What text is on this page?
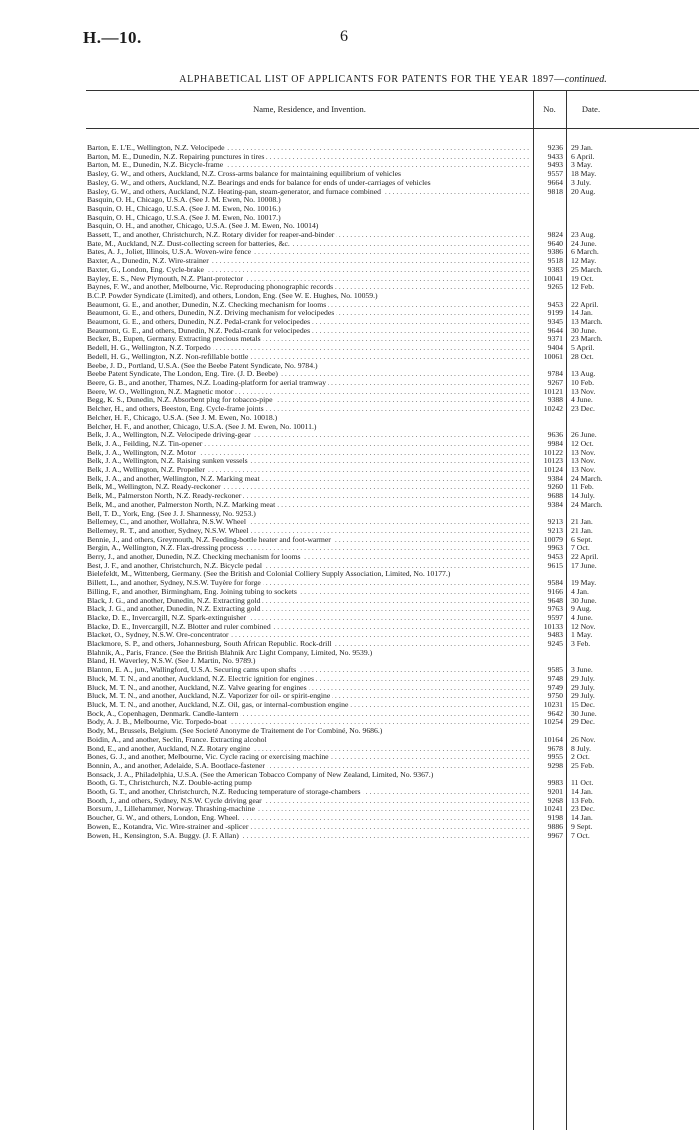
H.—10.	6
ALPHABETICAL LIST OF APPLICANTS FOR PATENTS FOR THE YEAR 1897—continued.
Name, Residence, and Invention.	No.	Date.
Barton, E. L'E., Wellington, N.Z. Velocipede . . .	9236	29 Jan.
Barton, M. E., Dunedin, N.Z. Repairing punctures in tires . . .	9433	6 April.
Barton, M. E., Dunedin, N.Z. Bicycle-frame . . .	9493	3 May.
Basley, G. W., and others, Auckland, N.Z. Cross-arms balance for maintaining equilibrium of vehicles	9557	18 May.
Basley, G. W., and others, Auckland, N.Z. Bearings and ends for balance for ends of under-carriages of vehicles	9664	3 July.
Basley, G. W., and others, Auckland, N.Z. Heating-pan, steam-generator, and furnace combined . . .	9818	20 Aug.
Basquin, O. H., Chicago, U.S.A. (See J. M. Ewen, No. 10008.)
Basquin, O. H., Chicago, U.S.A. (See J. M. Ewen, No. 10016.)
Basquin, O. H., Chicago, U.S.A. (See J. M. Ewen, No. 10017.)
Basquin, O. H., and another, Chicago, U.S.A. (See J. M. Ewen, No. 10014)
Bassett, T., and another, Christchurch, N.Z. Rotary divider for reaper-and-binder . . .	9824	23 Aug.
Bate, M., Auckland, N.Z. Dust-collecting screen for batteries, &c. . . .	9640	24 June.
Bates, A. J., Joliet, Illinois, U.S.A. Woven-wire fence . . .	9386	6 March.
Baxter, A., Dunedin, N.Z. Wire-strainer . . .	9518	12 May.
Baxter, G., London, Eng. Cycle-brake . . .	9383	25 March.
Bayley, E. S., New Plymouth, N.Z. Plant-protector . . .	10041	19 Oct.
Baynes, F. W., and another, Melbourne, Vic. Reproducing phonographic records . . .	9265	12 Feb.
B.C.P. Powder Syndicate (Limited), and others, London, Eng. (See W. E. Hughes, No. 10059.)
Beaumont, G. E., and another, Dunedin, N.Z. Checking mechanism for looms . . .	9453	22 April.
Beaumont, G. E., and others, Dunedin, N.Z. Driving mechanism for velocipedes . . .	9199	14 Jan.
Beaumont, G. E., and others, Dunedin, N.Z. Pedal-crank for velocipedes . . .	9345	13 March.
Beaumont, G. E., and others, Dunedin, N.Z. Pedal-crank for velocipedes . . .	9644	30 June.
Becker, B., Eupen, Germany. Extracting precious metals . . .	9371	23 March.
Bedell, H. G., Wellington, N.Z. Torpedo . . .	9404	5 April.
Bedell, H. G., Wellington, N.Z. Non-refillable bottle . . .	10061	28 Oct.
Beebe, J. D., Portland, U.S.A. (See the Beebe Patent Syndicate, No. 9784.)
Beebe Patent Syndicate, The London, Eng. Tire. (J. D. Beebe) . . .	9784	13 Aug.
Beere, G. B., and another, Thames, N.Z. Loading-platform for aerial tramway . . .	9267	10 Feb.
Beere, W. O., Wellington, N.Z. Magnetic motor . . .	10121	13 Nov.
Begg, K. S., Dunedin, N.Z. Absorbent plug for tobacco-pipe . . .	9388	4 June.
Belcher, H., and others, Beeston, Eng. Cycle-frame joints . . .	10242	23 Dec.
Belcher, H. F., Chicago, U.S.A. (See J. M. Ewen, No. 10018.)
Belcher, H. F., and another, Chicago, U.S.A. (See J. M. Ewen, No. 10011.)
Belk, J. A., Wellington, N.Z. Velocipede driving-gear . . .	9636	26 June.
Belk, J. A., Feilding, N.Z. Tin-opener . . .	9984	12 Oct.
Belk, J. A., Wellington, N.Z. Motor . . .	10122	13 Nov.
Belk, J. A., Wellington, N.Z. Raising sunken vessels . . .	10123	13 Nov.
Belk, J. A., Wellington, N.Z. Propeller . . .	10124	13 Nov.
Belk, J. A., and another, Wellington, N.Z. Marking meat . . .	9384	24 March.
Belk, M., Wellington, N.Z. Ready-reckoner . . .	9260	11 Feb.
Belk, M., Palmerston North, N.Z. Ready-reckoner . . .	9688	14 July.
Belk, M., and another, Palmerston North, N.Z. Marking meat . . .	9384	24 March.
Bell, T. D., York, Eng. (See J. J. Shannessy, No. 9253.)
Bellemey, C., and another, Wollahra, N.S.W. Wheel . . .	9213	21 Jan.
Bellemey, R. T., and another, Sydney, N.S.W. Wheel . . .	9213	21 Jan.
Bennie, J., and others, Greymouth, N.Z. Feeding-bottle heater and foot-warmer . . .	10079	6 Sept.
Bergin, A., Wellington, N.Z. Flax-dressing process . . .	9963	7 Oct.
Berry, J., and another, Dunedin, N.Z. Checking mechanism for looms . . .	9453	22 April.
Best, J. F., and another, Christchurch, N.Z. Bicycle pedal . . .	9615	17 June.
Bielefeldt, M., Wittenberg, Germany. (See the British and Colonial Colliery Supply Association, Limited, No. 10177.)
Billett, L., and another, Sydney, N.S.W. Tuyère for forge . . .	9584	19 May.
Billing, F., and another, Birmingham, Eng. Joining tubing to sockets . . .	9166	4 Jan.
Black, J. G., and another, Dunedin, N.Z. Extracting gold . . .	9648	30 June.
Black, J. G., and another, Dunedin, N.Z. Extracting gold . . .	9763	9 Aug.
Blacke, D. E., Invercargill, N.Z. Spark-extinguisher . . .	9597	4 June.
Blacke, D. E., Invercargill, N.Z. Blotter and ruler combined . . .	10133	12 Nov.
Blacket, O., Sydney, N.S.W. Ore-concentrator . . .	9483	1 May.
Blackmore, S. P., and others, Johannesburg, South African Republic. Rock-drill . . .	9245	3 Feb.
Blahnik, A., Paris, France. (See the British Blahnik Arc Light Company, Limited, No. 9539.)
Bland, H. Waverley, N.S.W. (See J. Martin, No. 9789.)
Blanton, E. A., jun., Wallingford, U.S.A. Securing cams upon shafts . . .	9585	3 June.
Bluck, M. T. N., and another, Auckland, N.Z. Electric ignition for engines . . .	9748	29 July.
Bluck, M. T. N., and another, Auckland, N.Z. Valve gearing for engines . . .	9749	29 July.
Bluck, M. T. N., and another, Auckland, N.Z. Vaporizer for oil- or spirit-engine . . .	9750	29 July.
Bluck, M. T. N., and another, Auckland, N.Z. Oil, gas, or internal-combustion engine . . .	10231	15 Dec.
Bock, A., Copenhagen, Denmark. Candle-lantern . . .	9642	30 June.
Body, A. J. B., Melbourne, Vic. Torpedo-boat . . .	10254	29 Dec.
Body, M., Brussels, Belgium. (See Societé Anonyme de Traitement de l'or Combiné, No. 9686.)
Boidin, A., and another, Seclin, France. Extracting alcohol	10164	26 Nov.
Bond, E., and another, Auckland, N.Z. Rotary engine . . .	9678	8 July.
Bones, G. J., and another, Melbourne, Vic. Cycle racing or exercising machine . . .	9955	2 Oct.
Bonnin, A., and another, Adelaide, S.A. Bootlace-fastener . . .	9298	25 Feb.
Bonsack, J. A., Philadelphia, U.S.A. (See the American Tobacco Company of New Zealand, Limited, No. 9367.)
Booth, G. T., Christchurch, N.Z. Double-acting pump	9983	11 Oct.
Booth, G. T., and another, Christchurch, N.Z. Reducing temperature of storage-chambers . . .	9201	14 Jan.
Booth, J., and others, Sydney, N.S.W. Cycle driving gear . . .	9268	13 Feb.
Borsum, J., Lillehammer, Norway. Thrashing-machine . . .	10241	23 Dec.
Boucher, G. W., and others, London, Eng. Wheel. . . .	9198	14 Jan.
Bowen, E., Kotandra, Vic. Wire-strainer and -splicer . . .	9886	9 Sept.
Bowen, H., Kensington, S.A. Buggy. (J. F. Allan) . . .	9967	7 Oct.
